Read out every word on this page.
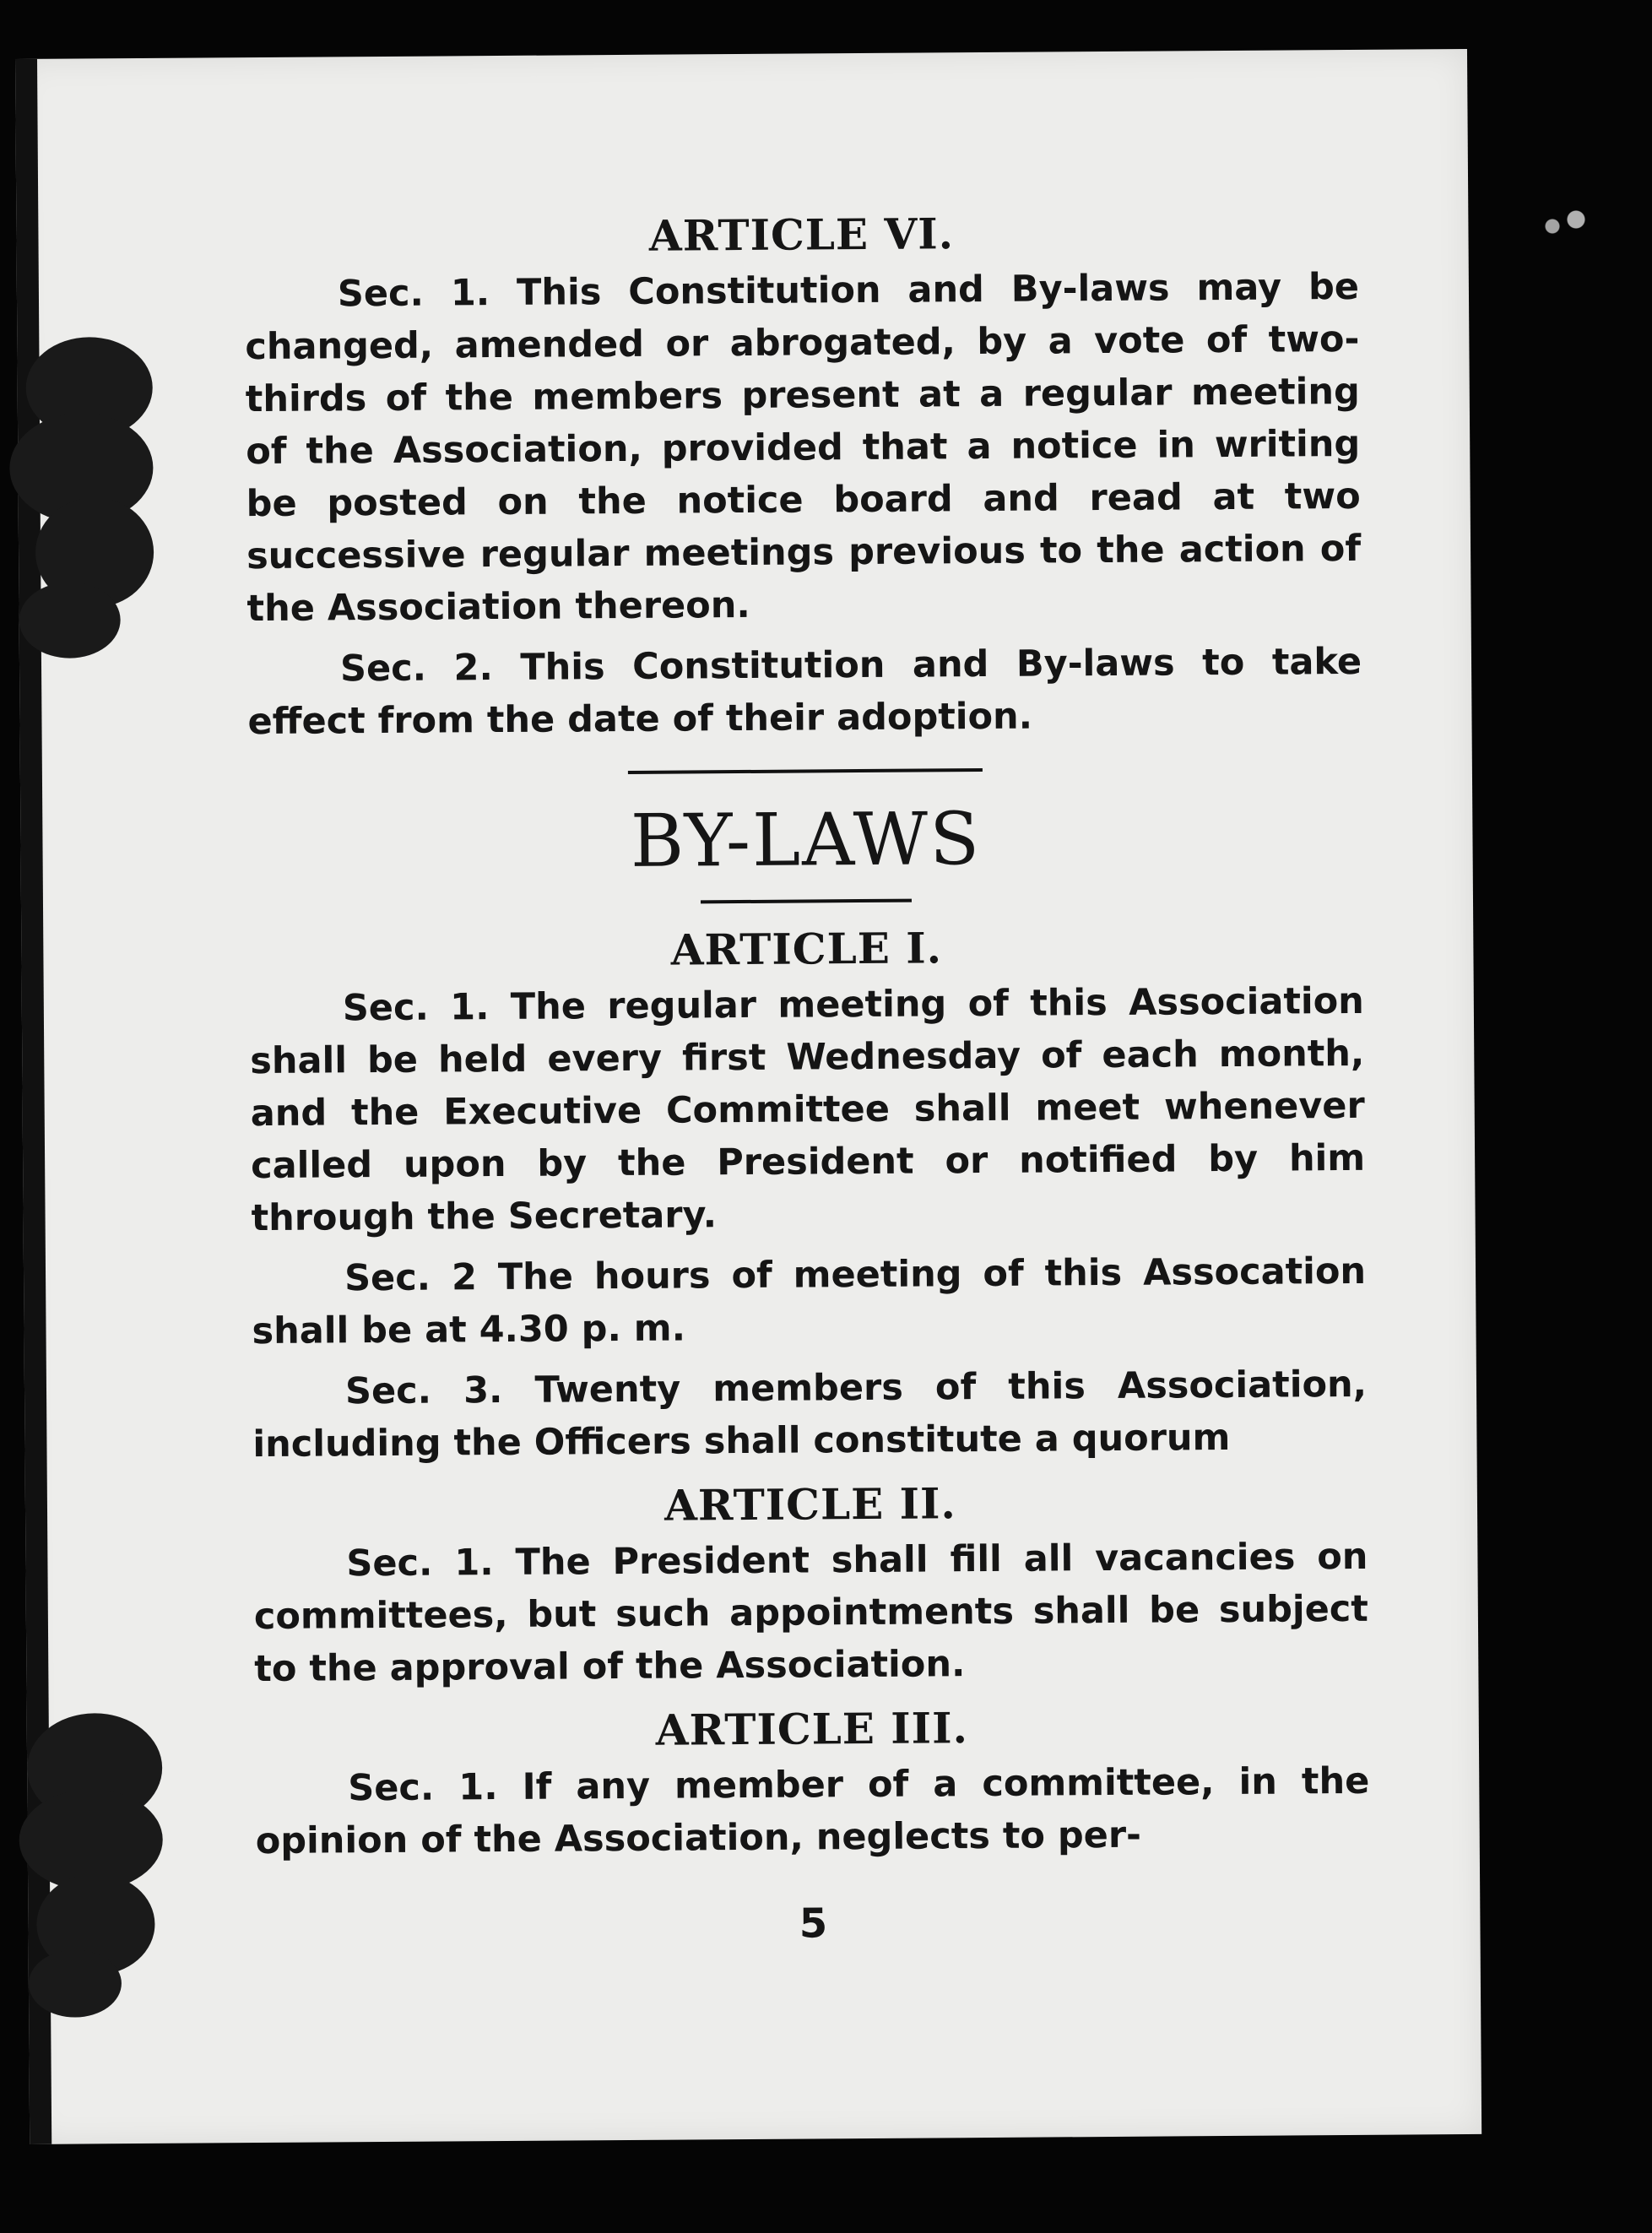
ARTICLE VI.

Sec. 1. This Constitution and By-laws may be changed, amended or abrogated, by a vote of two- thirds of the members present at a regular meeting of the Association, provided that a notice in writing be posted on the notice board and read at two successive regular meetings previous to the action of the Association thereon.

Sec. 2. This Constitution and By-laws to take effect from the date of their adoption.

BY-LAWS

ARTICLE I.

Sec. 1. The regular meeting of this Association shall be held every first Wednesday of each month, and the Executive Committee shall meet whenever called upon by the President or notified by him through the Secretary.

Sec. 2 The hours of meeting of this Assocation shall be at 4.30 p. m.

Sec. 3. Twenty members of this Association, including the Officers shall constitute a quorum

ARTICLE II.

Sec. 1. The President shall fill all vacancies on committees, but such appointments shall be subject to the approval of the Association.

ARTICLE III.

Sec. 1. If any member of a committee, in the opinion of the Association, neglects to per-

5
